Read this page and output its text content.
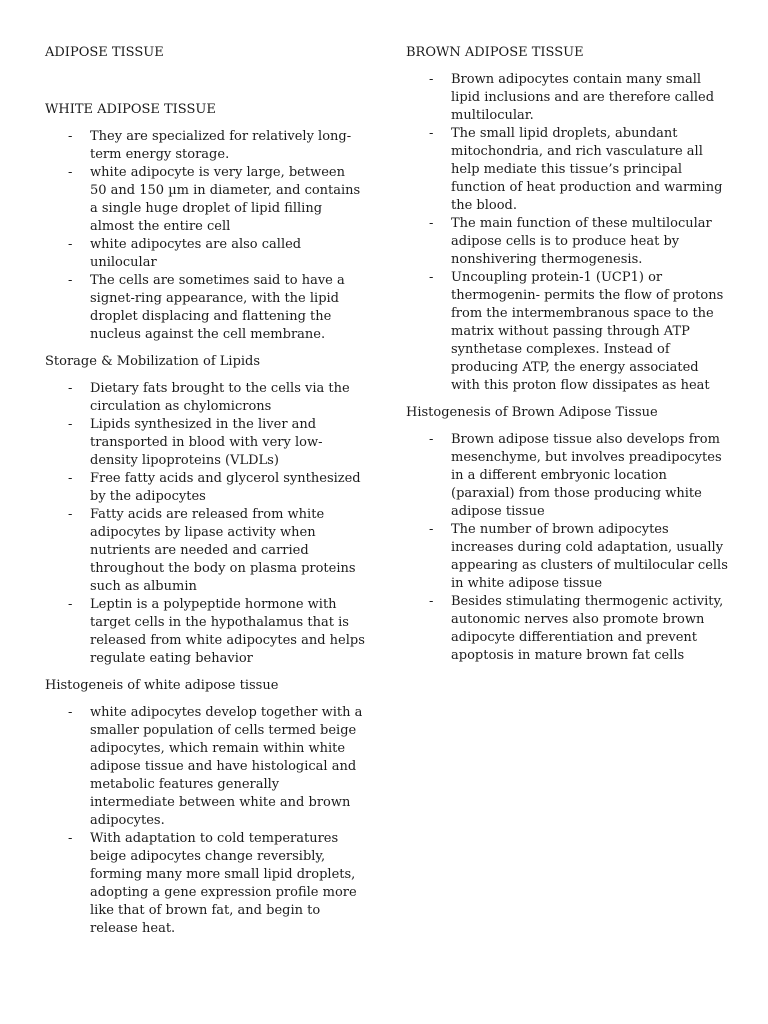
ADIPOSE TISSUE

WHITE ADIPOSE TISSUE

- They are specialized for relatively long-term energy storage.
- white adipocyte is very large, between 50 and 150 µm in diameter, and contains a single huge droplet of lipid filling almost the entire cell
- white adipocytes are also called unilocular
- The cells are sometimes said to have a signet-ring appearance, with the lipid droplet displacing and flattening the nucleus against the cell membrane.

Storage & Mobilization of Lipids

- Dietary fats brought to the cells via the circulation as chylomicrons
- Lipids synthesized in the liver and transported in blood with very low-density lipoproteins (VLDLs)
- Free fatty acids and glycerol synthesized by the adipocytes
- Fatty acids are released from white adipocytes by lipase activity when nutrients are needed and carried throughout the body on plasma proteins such as albumin
- Leptin is a polypeptide hormone with target cells in the hypothalamus that is released from white adipocytes and helps regulate eating behavior

Histogeneis of white adipose tissue

- white adipocytes develop together with a smaller population of cells termed beige adipocytes, which remain within white adipose tissue and have histological and metabolic features generally intermediate between white and brown adipocytes.
- With adaptation to cold temperatures beige adipocytes change reversibly, forming many more small lipid droplets, adopting a gene expression profile more like that of brown fat, and begin to release heat.

BROWN ADIPOSE TISSUE

- Brown adipocytes contain many small lipid inclusions and are therefore called multilocular.
- The small lipid droplets, abundant mitochondria, and rich vasculature all help mediate this tissue’s principal function of heat production and warming the blood.
- The main function of these multilocular adipose cells is to produce heat by nonshivering thermogenesis.
- Uncoupling protein-1 (UCP1) or thermogenin- permits the flow of protons from the intermembranous space to the matrix without passing through ATP synthetase complexes. Instead of producing ATP, the energy associated with this proton flow dissipates as heat

Histogenesis of Brown Adipose Tissue

- Brown adipose tissue also develops from mesenchyme, but involves preadipocytes in a different embryonic location (paraxial) from those producing white adipose tissue
- The number of brown adipocytes increases during cold adaptation, usually appearing as clusters of multilocular cells in white adipose tissue
- Besides stimulating thermogenic activity, autonomic nerves also promote brown adipocyte differentiation and prevent apoptosis in mature brown fat cells
